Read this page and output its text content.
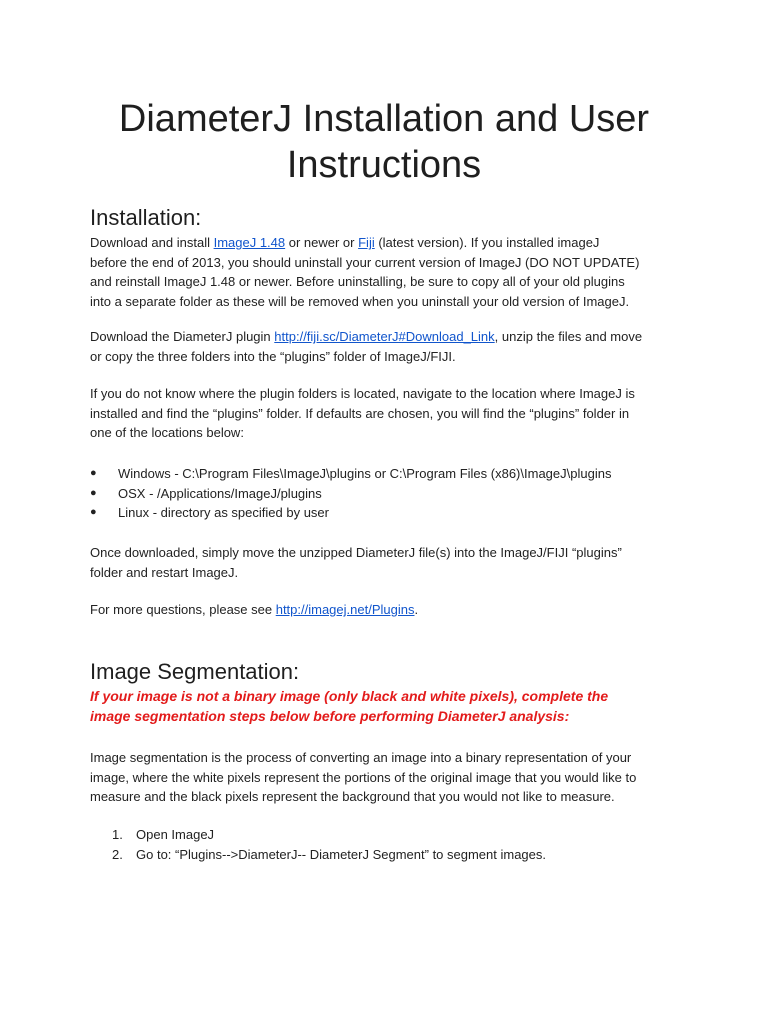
DiameterJ Installation and User
Instructions
Installation:

Download and install ImageJ 1.48 or newer or Fiji (latest version). If you installed imageJ
before the end of 2013, you should uninstall your current version of ImageJ (DO NOT UPDATE)
and reinstall ImageJ 1.48 or newer. Before uninstalling, be sure to copy all of your old plugins
into a separate folder as these will be removed when you uninstall your old version of ImageJ.

Download the DiameterJ plugin http://fiji.sc/DiameterJ#Download_Link, unzip the files and move
or copy the three folders into the “plugins” folder of ImageJ/FIJI.

If you do not know where the plugin folders is located, navigate to the location where ImageJ is
installed and find the “plugins” folder. If defaults are chosen, you will find the “plugins” folder in
one of the locations below:

● Windows - C:\Program Files\ImageJ\plugins or C:\Program Files (x86)\ImageJ\plugins
● OSX - /Applications/ImageJ/plugins
● Linux - directory as specified by user

Once downloaded, simply move the unzipped DiameterJ file(s) into the ImageJ/FIJI “plugins”
folder and restart ImageJ.

For more questions, please see http://imagej.net/Plugins.

Image Segmentation:

If your image is not a binary image (only black and white pixels), complete the
image segmentation steps below before performing DiameterJ analysis:

Image segmentation is the process of converting an image into a binary representation of your
image, where the white pixels represent the portions of the original image that you would like to
measure and the black pixels represent the background that you would not like to measure.

1. Open ImageJ
2. Go to: “Plugins-->DiameterJ-- DiameterJ Segment” to segment images.
